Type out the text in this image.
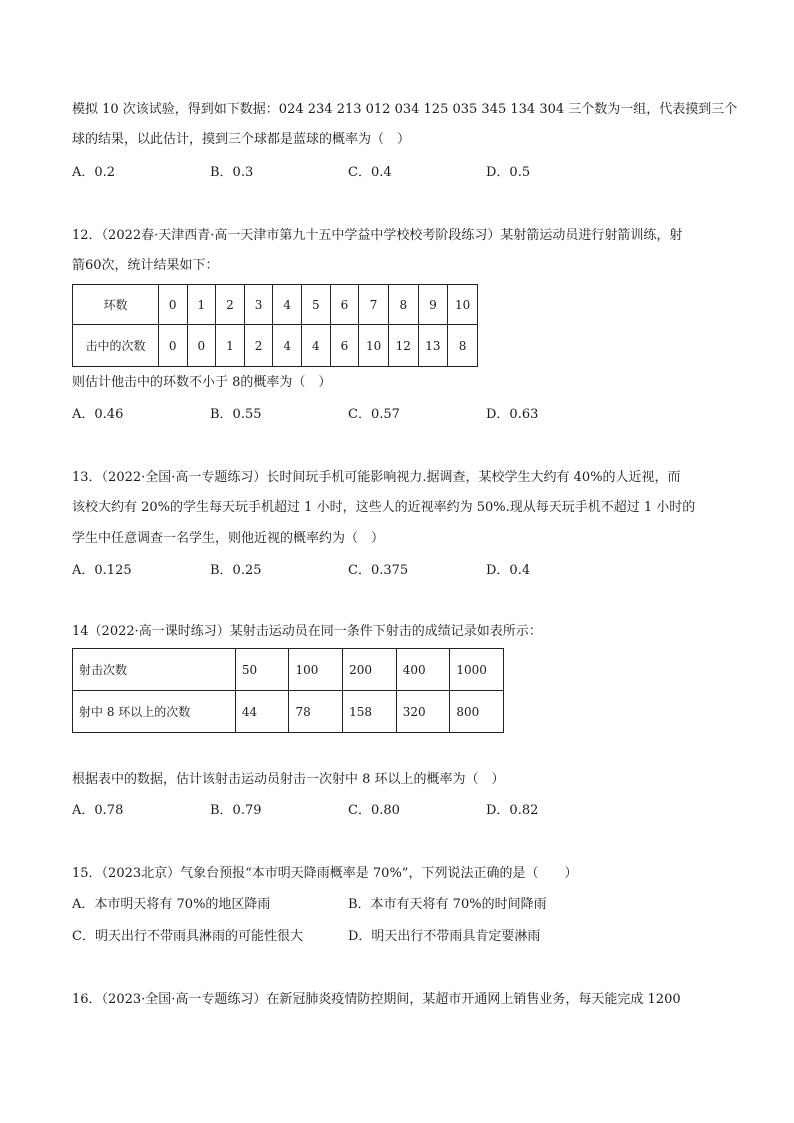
模拟 10 次该试验，得到如下数据：024 234 213 012 034 125 035 345 134 304 三个数为一组，代表摸到三个
球的结果，以此估计，摸到三个球都是蓝球的概率为（　）
A．0.2	B．0.3	C．0.4	D．0.5
12．（2022春·天津西青·高一天津市第九十五中学益中学校校考阶段练习）某射箭运动员进行射箭训练，射
箭60次，统计结果如下：
环数	0	1	2	3	4	5	6	7	8	9	10
击中的次数	0	0	1	2	4	4	6	10	12	13	8
则估计他击中的环数不小于 8的概率为（　）
A．0.46	B．0.55	C．0.57	D．0.63
13．（2022·全国·高一专题练习）长时间玩手机可能影响视力.据调查，某校学生大约有 40%的人近视，而
该校大约有 20%的学生每天玩手机超过 1 小时，这些人的近视率约为 50%.现从每天玩手机不超过 1 小时的
学生中任意调查一名学生，则他近视的概率约为（　）
A．0.125	B．0.25	C．0.375	D．0.4
14（2022·高一课时练习）某射击运动员在同一条件下射击的成绩记录如表所示：
射击次数	50	100	200	400	1000
射中 8 环以上的次数	44	78	158	320	800
根据表中的数据，估计该射击运动员射击一次射中 8 环以上的概率为（　）
A．0.78	B．0.79	C．0.80	D．0.82
15．（2023北京）气象台预报“本市明天降雨概率是 70%”，下列说法正确的是（　　）
A．本市明天将有 70%的地区降雨	B．本市有天将有 70%的时间降雨
C．明天出行不带雨具淋雨的可能性很大	D．明天出行不带雨具肯定要淋雨
16．（2023·全国·高一专题练习）在新冠肺炎疫情防控期间，某超市开通网上销售业务，每天能完成 1200
